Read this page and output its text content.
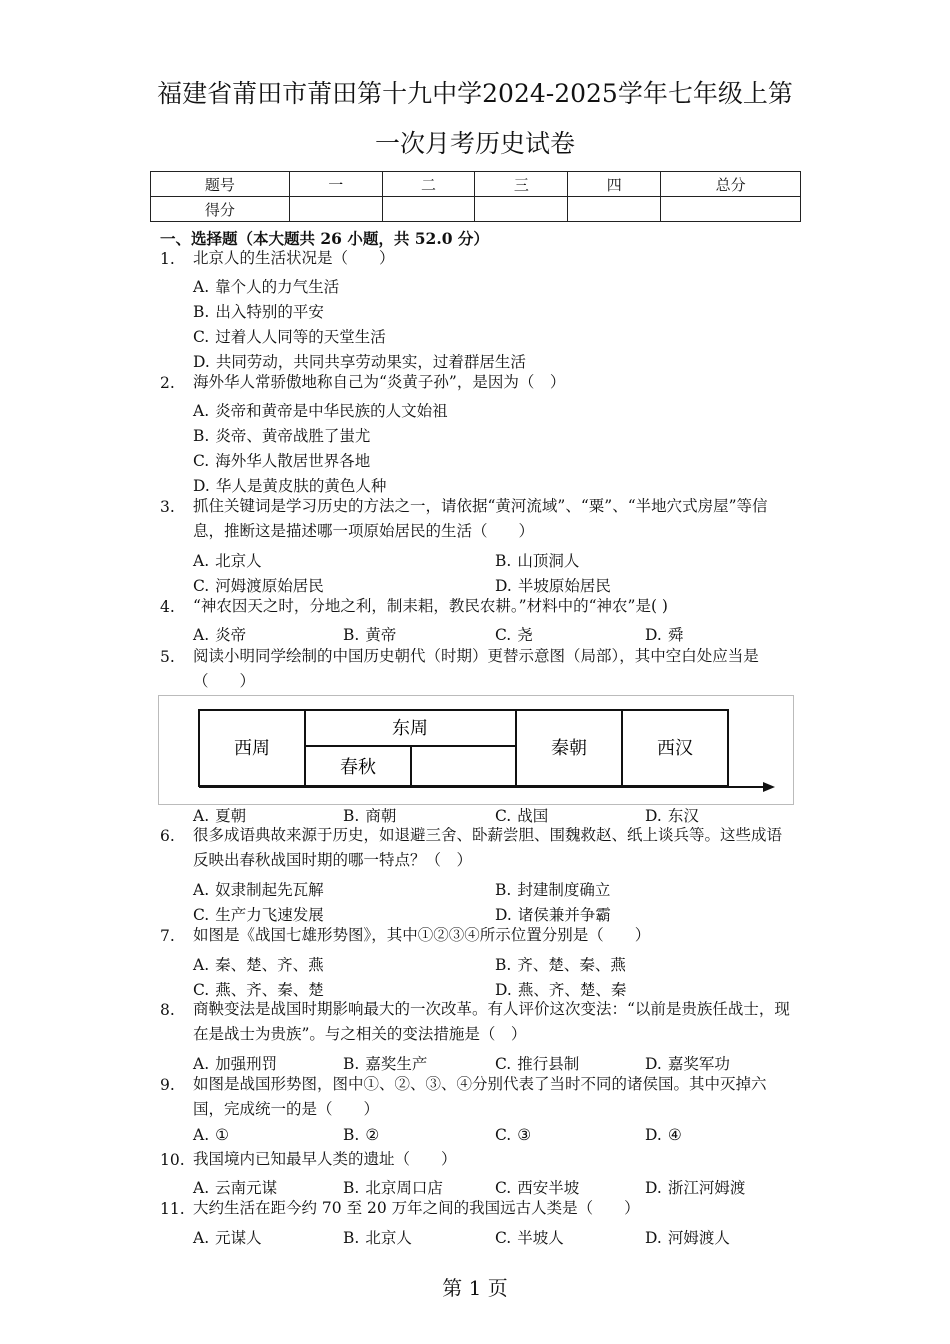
福建省莆田市莆田第十九中学2024-2025学年七年级上第
一次月考历史试卷
题号	一	二	三	四	总分
得分					
一、选择题（本大题共 26 小题，共 52.0 分）
1. 北京人的生活状况是（　　）
A. 靠个人的力气生活
B. 出入特别的平安
C. 过着人人同等的天堂生活
D. 共同劳动，共同共享劳动果实，过着群居生活
2. 海外华人常骄傲地称自己为“炎黄子孙”，是因为（　）
A. 炎帝和黄帝是中华民族的人文始祖
B. 炎帝、黄帝战胜了蚩尤
C. 海外华人散居世界各地
D. 华人是黄皮肤的黄色人种
3. 抓住关键词是学习历史的方法之一，请依据“黄河流域”、“粟”、“半地穴式房屋”等信息，推断这是描述哪一项原始居民的生活（　　）
A. 北京人	B. 山顶洞人
C. 河姆渡原始居民	D. 半坡原始居民
4. “神农因天之时，分地之利，制耒耜，教民农耕。”材料中的“神农”是( )
A. 炎帝	B. 黄帝	C. 尧	D. 舜
5. 阅读小明同学绘制的中国历史朝代（时期）更替示意图（局部），其中空白处应当是（　　）
A. 夏朝	B. 商朝	C. 战国	D. 东汉
6. 很多成语典故来源于历史，如退避三舍、卧薪尝胆、围魏救赵、纸上谈兵等。这些成语反映出春秋战国时期的哪一特点？（　）
A. 奴隶制起先瓦解	B. 封建制度确立
C. 生产力飞速发展	D. 诸侯兼并争霸
7. 如图是《战国七雄形势图》，其中①②③④所示位置分别是（　　）
A. 秦、楚、齐、燕	B. 齐、楚、秦、燕
C. 燕、齐、秦、楚	D. 燕、齐、楚、秦
8. 商鞅变法是战国时期影响最大的一次改革。有人评价这次变法：“以前是贵族任战士，现在是战士为贵族”。与之相关的变法措施是（　）
A. 加强刑罚	B. 嘉奖生产	C. 推行县制	D. 嘉奖军功
9. 如图是战国形势图，图中①、②、③、④分别代表了当时不同的诸侯国。其中灭掉六国，完成统一的是（　　）
A. ①	B. ②	C. ③	D. ④
10. 我国境内已知最早人类的遗址（　　）
A. 云南元谋	B. 北京周口店	C. 西安半坡	D. 浙江河姆渡
11. 大约生活在距今约 70 至 20 万年之间的我国远古人类是（　　）
A. 元谋人	B. 北京人	C. 半坡人	D. 河姆渡人
西周
东周
春秋
秦朝	西汉
第 1 页
